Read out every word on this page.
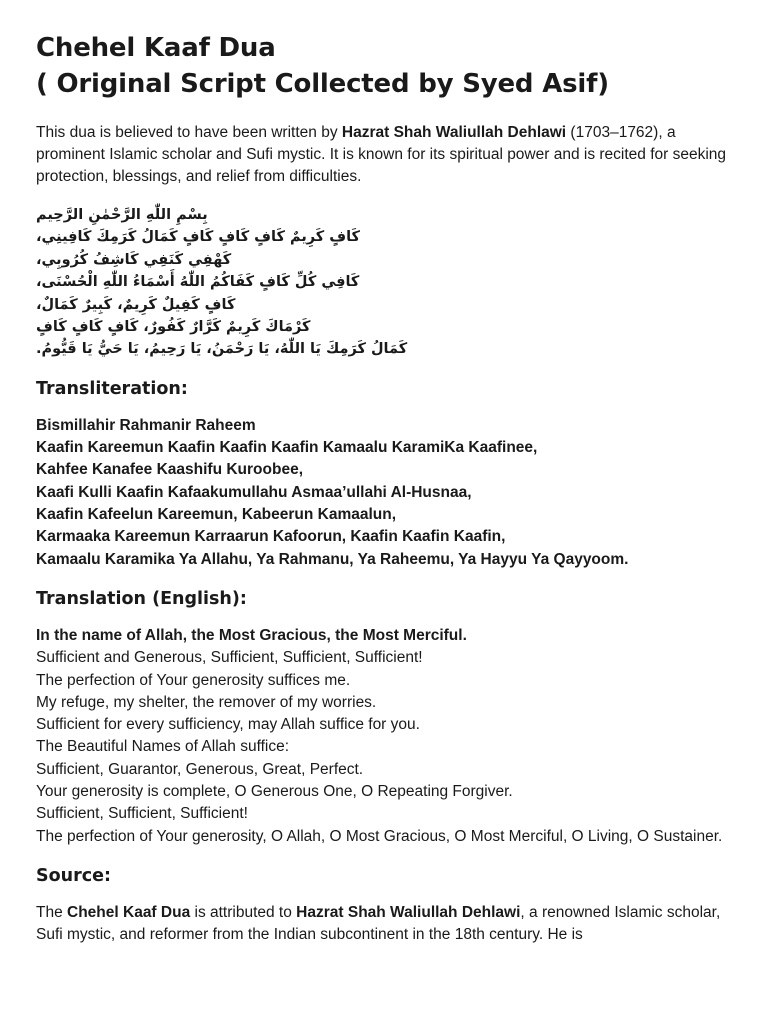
Chehel Kaaf Dua
( Original Script Collected by Syed Asif)

This dua is believed to have been written by Hazrat Shah Waliullah Dehlawi (1703–1762), a prominent Islamic scholar and Sufi mystic. It is known for its spiritual power and is recited for seeking protection, blessings, and relief from difficulties.

بِسْمِ اللّٰهِ الرَّحْمٰنِ الرَّحِيم
كَافٍ كَرِيمٌ كَافٍ كَافٍ كَافٍ كَمَالُ كَرَمِكَ كَافِينِي،
كَهْفِي كَنَفِي كَاشِفُ كُرُوبِي،
كَافِي كُلِّ كَافٍ كَفَاكُمُ اللّٰهُ أَسْمَاءُ اللّٰهِ الْحُسْنَى،
كَافٍ كَفِيلٌ كَرِيمٌ، كَبِيرٌ كَمَالٌ،
كَرْمَاكَ كَرِيمٌ كَرَّارٌ كَفُورٌ، كَافٍ كَافٍ كَافٍ
كَمَالُ كَرَمِكَ يَا اللّٰهُ، يَا رَحْمَنُ، يَا رَحِيمُ، يَا حَيُّ يَا قَيُّومُ.
Transliteration:
Bismillahir Rahmanir Raheem
Kaafin Kareemun Kaafin Kaafin Kaafin Kamaalu KaramiKa Kaafinee,
Kahfee Kanafee Kaashifu Kuroobee,
Kaafi Kulli Kaafin Kafaakumullahu Asmaa’ullahi Al-Husnaa,
Kaafin Kafeelun Kareemun, Kabeerun Kamaalun,
Karmaaka Kareemun Karraarun Kafoorun, Kaafin Kaafin Kaafin,
Kamaalu Karamika Ya Allahu, Ya Rahmanu, Ya Raheemu, Ya Hayyu Ya Qayyoom.
Translation (English):
In the name of Allah, the Most Gracious, the Most Merciful.
Sufficient and Generous, Sufficient, Sufficient, Sufficient!
The perfection of Your generosity suffices me.
My refuge, my shelter, the remover of my worries.
Sufficient for every sufficiency, may Allah suffice for you.
The Beautiful Names of Allah suffice:
Sufficient, Guarantor, Generous, Great, Perfect.
Your generosity is complete, O Generous One, O Repeating Forgiver.
Sufficient, Sufficient, Sufficient!
The perfection of Your generosity, O Allah, O Most Gracious, O Most Merciful, O Living, O Sustainer.
Source:

The Chehel Kaaf Dua is attributed to Hazrat Shah Waliullah Dehlawi, a renowned Islamic scholar, Sufi mystic, and reformer from the Indian subcontinent in the 18th century. He is
